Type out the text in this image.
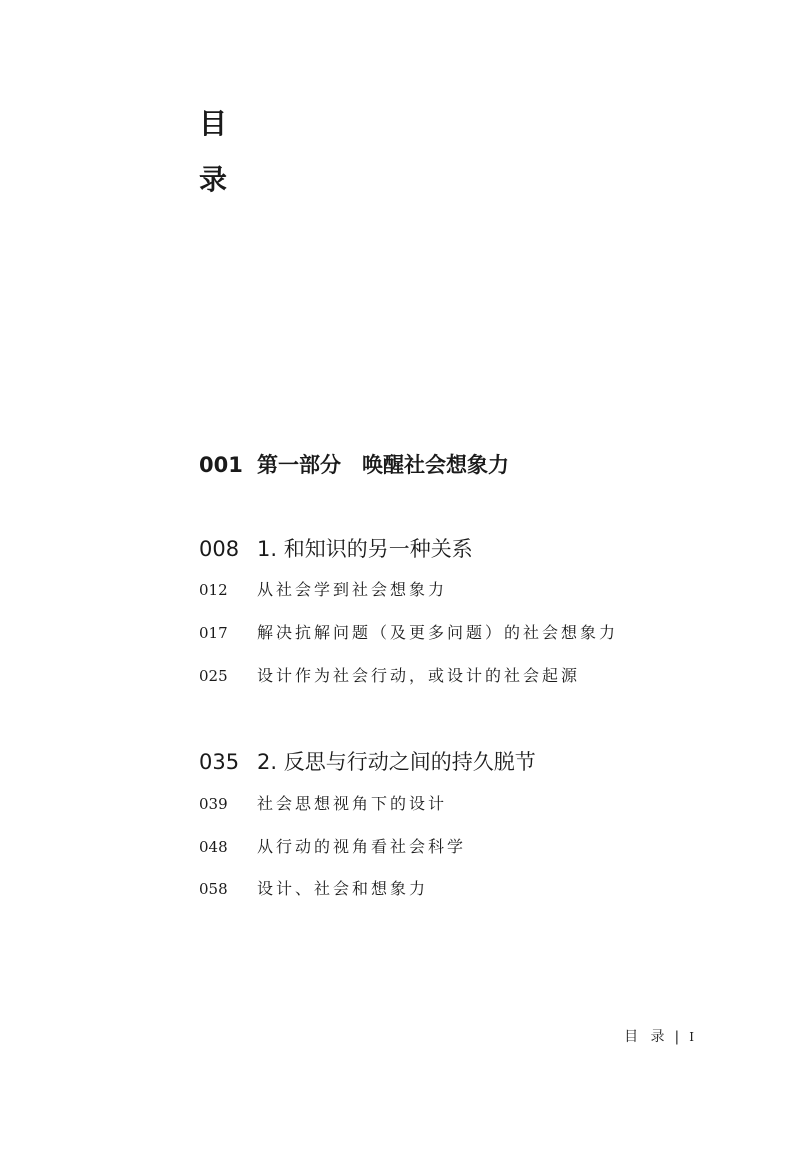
目
录
001 第一部分　唤醒社会想象力
008 1. 和知识的另一种关系
012 从社会学到社会想象力
017 解决抗解问题（及更多问题）的社会想象力
025 设计作为社会行动，或设计的社会起源
035 2. 反思与行动之间的持久脱节
039 社会思想视角下的设计
048 从行动的视角看社会科学
058 设计、社会和想象力
目 录 | I
